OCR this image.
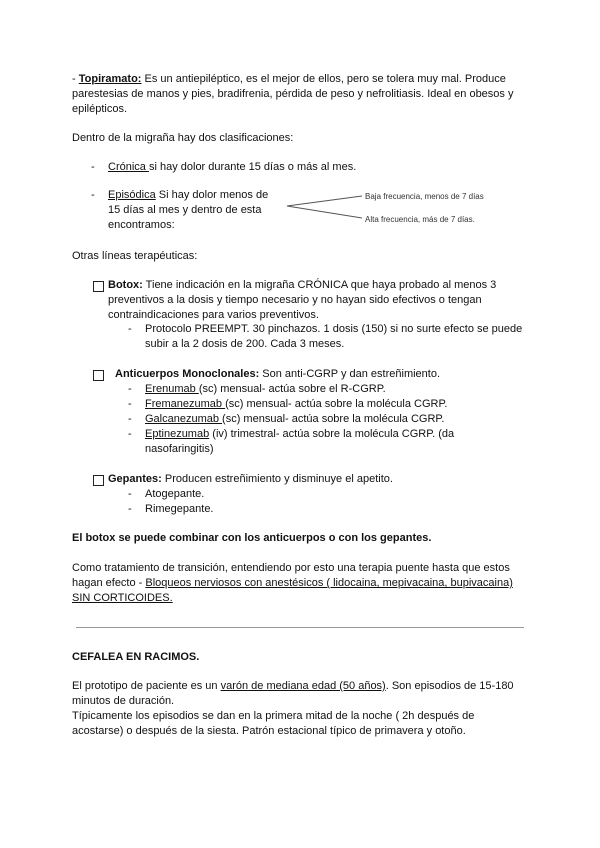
- Topiramato: Es un antiepiléptico, es el mejor de ellos, pero se tolera muy mal. Produce
parestesias de manos y pies, bradifrenia, pérdida de peso y nefrolitiasis. Ideal en obesos y
epilépticos.
Dentro de la migraña hay dos clasificaciones:
- Crónica si hay dolor durante 15 días o más al mes.
- Episódica Si hay dolor menos de
15 días al mes y dentro de esta
encontramos:
Baja frecuencia, menos de 7 días
Alta frecuencia, más de 7 días.
Otras líneas terapéuticas:
Botox: Tiene indicación en la migraña CRÓNICA que haya probado al menos 3
preventivos a la dosis y tiempo necesario y no hayan sido efectivos o tengan
contraindicaciones para varios preventivos.
- Protocolo PREEMPT. 30 pinchazos. 1 dosis (150) si no surte efecto se puede
subir a la 2 dosis de 200. Cada 3 meses.
Anticuerpos Monoclonales: Son anti-CGRP y dan estreñimiento.
- Erenumab (sc) mensual- actúa sobre el R-CGRP.
- Fremanezumab (sc) mensual- actúa sobre la molécula CGRP.
- Galcanezumab (sc) mensual- actúa sobre la molécula CGRP.
- Eptinezumab (iv) trimestral- actúa sobre la molécula CGRP. (da
nasofaringitis)
Gepantes: Producen estreñimiento y disminuye el apetito.
- Atogepante.
- Rimegepante.
El botox se puede combinar con los anticuerpos o con los gepantes.
Como tratamiento de transición, entendiendo por esto una terapia puente hasta que estos
hagan efecto - Bloqueos nerviosos con anestésicos ( lidocaina, mepivacaina, bupivacaina)
SIN CORTICOIDES.
CEFALEA EN RACIMOS.
El prototipo de paciente es un varón de mediana edad (50 años). Son episodios de 15-180
minutos de duración.
Típicamente los episodios se dan en la primera mitad de la noche ( 2h después de
acostarse) o después de la siesta. Patrón estacional típico de primavera y otoño.
